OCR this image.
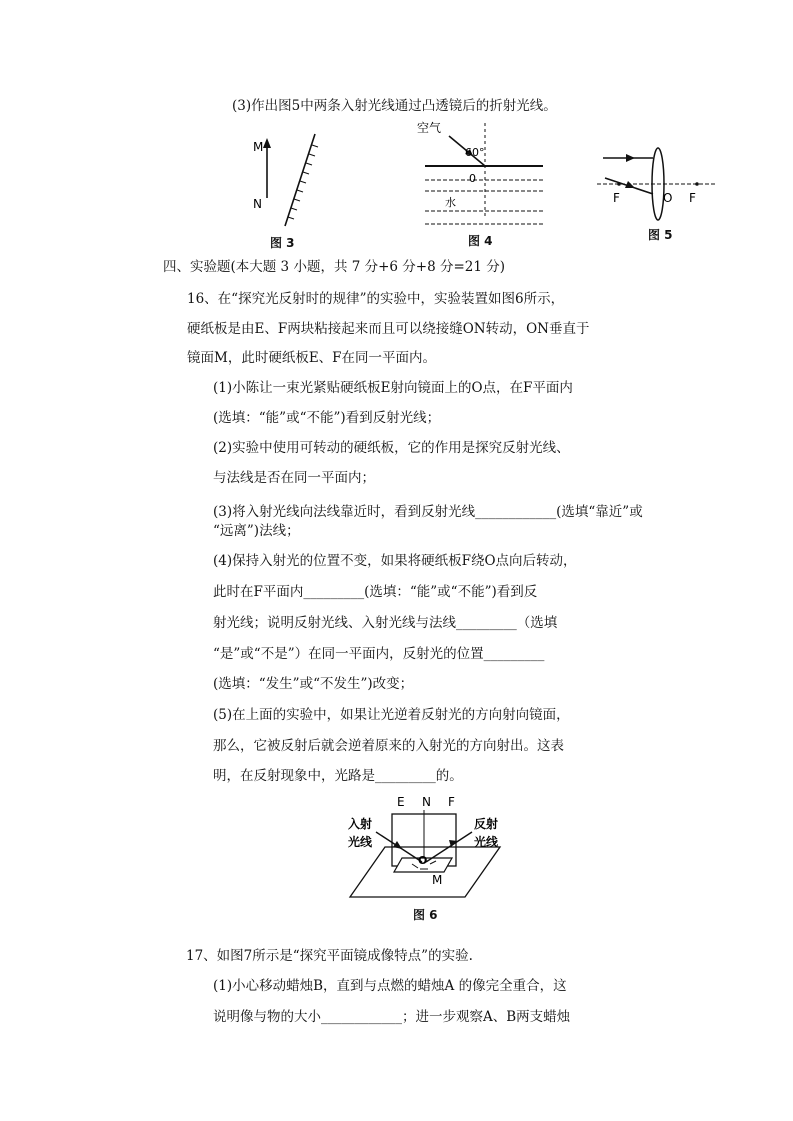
(3)作出图5中两条入射光线通过凸透镜后的折射光线。
M
N
图 3
空气
60°
0
水
图 4
F	O F
图 5
四、实验题(本大题 3 小题，共 7 分+6 分+8 分=21 分)
16、在“探究光反射时的规律”的实验中，实验装置如图6所示，
硬纸板是由E、F两块粘接起来而且可以绕接缝ON转动，ON垂直于
镜面M，此时硬纸板E、F在同一平面内。
(1)小陈让一束光紧贴硬纸板E射向镜面上的O点，在F平面内
(选填：“能”或“不能”)看到反射光线；
(2)实验中使用可转动的硬纸板，它的作用是探究反射光线、
与法线是否在同一平面内；
(3)将入射光线向法线靠近时，看到反射光线____________(选填“靠近”或
“远离”)法线；
(4)保持入射光的位置不变，如果将硬纸板F绕O点向后转动，
此时在F平面内_________(选填：“能”或“不能”)看到反
射光线；说明反射光线、入射光线与法线_________（选填
“是”或“不是”）在同一平面内，反射光的位置_________
(选填：“发生”或“不发生”)改变；
(5)在上面的实验中，如果让光逆着反射光的方向射向镜面，
那么，它被反射后就会逆着原来的入射光的方向射出。这表
明，在反射现象中，光路是_________的。
E N F
入射
光线
反射
光线
O
M
图 6
17、如图7所示是“探究平面镜成像特点”的实验.
(1)小心移动蜡烛B，直到与点燃的蜡烛A 的像完全重合，这
说明像与物的大小____________；进一步观察A、B两支蜡烛
